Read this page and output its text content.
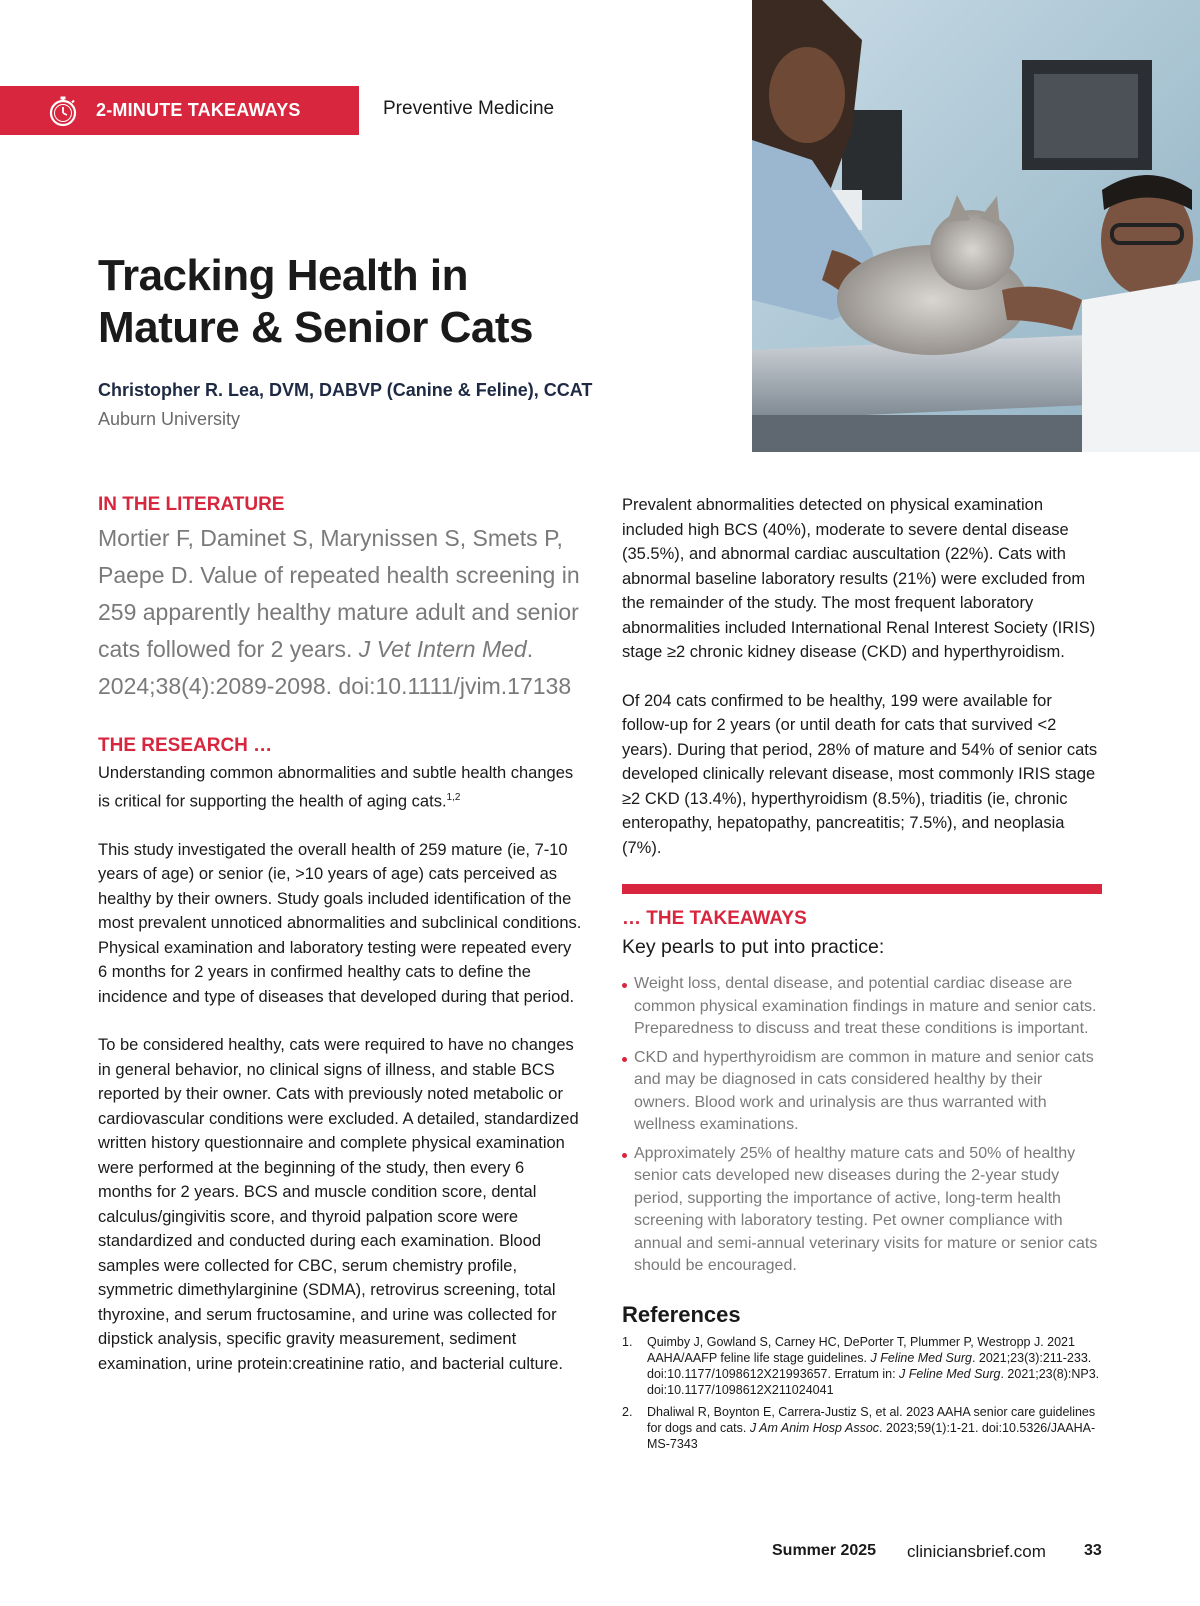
2-MINUTE TAKEAWAYS	Preventive Medicine
Tracking Health in
Mature & Senior Cats
Christopher R. Lea, DVM, DABVP (Canine & Feline), CCAT
Auburn University

IN THE LITERATURE

Mortier F, Daminet S, Marynissen S, Smets P, Paepe D. Value of repeated health screening in 259 apparently healthy mature adult and senior cats followed for 2 years. J Vet Intern Med. 2024;38(4):2089-2098. doi:10.1111/jvim.17138

THE RESEARCH …

Understanding common abnormalities and subtle health changes is critical for supporting the health of aging cats.$^{1,2}$

This study investigated the overall health of 259 mature (ie, 7-10 years of age) or senior (ie, >10 years of age) cats perceived as healthy by their owners. Study goals included identification of the most prevalent unnoticed abnormalities and subclinical conditions. Physical examination and laboratory testing were repeated every 6 months for 2 years in confirmed healthy cats to define the incidence and type of diseases that developed during that period.

To be considered healthy, cats were required to have no changes in general behavior, no clinical signs of illness, and stable BCS reported by their owner. Cats with previously noted metabolic or cardiovascular conditions were excluded. A detailed, standardized written history questionnaire and complete physical examination were performed at the beginning of the study, then every 6 months for 2 years. BCS and muscle condition score, dental calculus/gingivitis score, and thyroid palpation score were standardized and conducted during each examination. Blood samples were collected for CBC, serum chemistry profile, symmetric dimethylarginine (SDMA), retrovirus screening, total thyroxine, and serum fructosamine, and urine was collected for dipstick analysis, specific gravity measurement, sediment examination, urine protein:creatinine ratio, and bacterial culture.

Prevalent abnormalities detected on physical examination included high BCS (40%), moderate to severe dental disease (35.5%), and abnormal cardiac auscultation (22%). Cats with abnormal baseline laboratory results (21%) were excluded from the remainder of the study. The most frequent laboratory abnormalities included International Renal Interest Society (IRIS) stage ≥2 chronic kidney disease (CKD) and hyperthyroidism.

Of 204 cats confirmed to be healthy, 199 were available for follow-up for 2 years (or until death for cats that survived <2 years). During that period, 28% of mature and 54% of senior cats developed clinically relevant disease, most commonly IRIS stage ≥2 CKD (13.4%), hyperthyroidism (8.5%), triaditis (ie, chronic enteropathy, hepatopathy, pancreatitis; 7.5%), and neoplasia (7%).

… THE TAKEAWAYS

Key pearls to put into practice:

Weight loss, dental disease, and potential cardiac disease are common physical examination findings in mature and senior cats. Preparedness to discuss and treat these conditions is important.
CKD and hyperthyroidism are common in mature and senior cats and may be diagnosed in cats considered healthy by their owners. Blood work and urinalysis are thus warranted with wellness examinations.
Approximately 25% of healthy mature cats and 50% of healthy senior cats developed new diseases during the 2-year study period, supporting the importance of active, long-term health screening with laboratory testing. Pet owner compliance with annual and semi-annual veterinary visits for mature or senior cats should be encouraged.

References

1. Quimby J, Gowland S, Carney HC, DePorter T, Plummer P, Westropp J. 2021 AAHA/AAFP feline life stage guidelines. J Feline Med Surg. 2021;23(3):211-233. doi:10.1177/1098612X21993657. Erratum in: J Feline Med Surg. 2021;23(8):NP3. doi:10.1177/1098612X211024041
2. Dhaliwal R, Boynton E, Carrera-Justiz S, et al. 2023 AAHA senior care guidelines for dogs and cats. J Am Anim Hosp Assoc. 2023;59(1):1-21. doi:10.5326/JAAHA-MS-7343
Summer 2025 cliniciansbrief.com 33
